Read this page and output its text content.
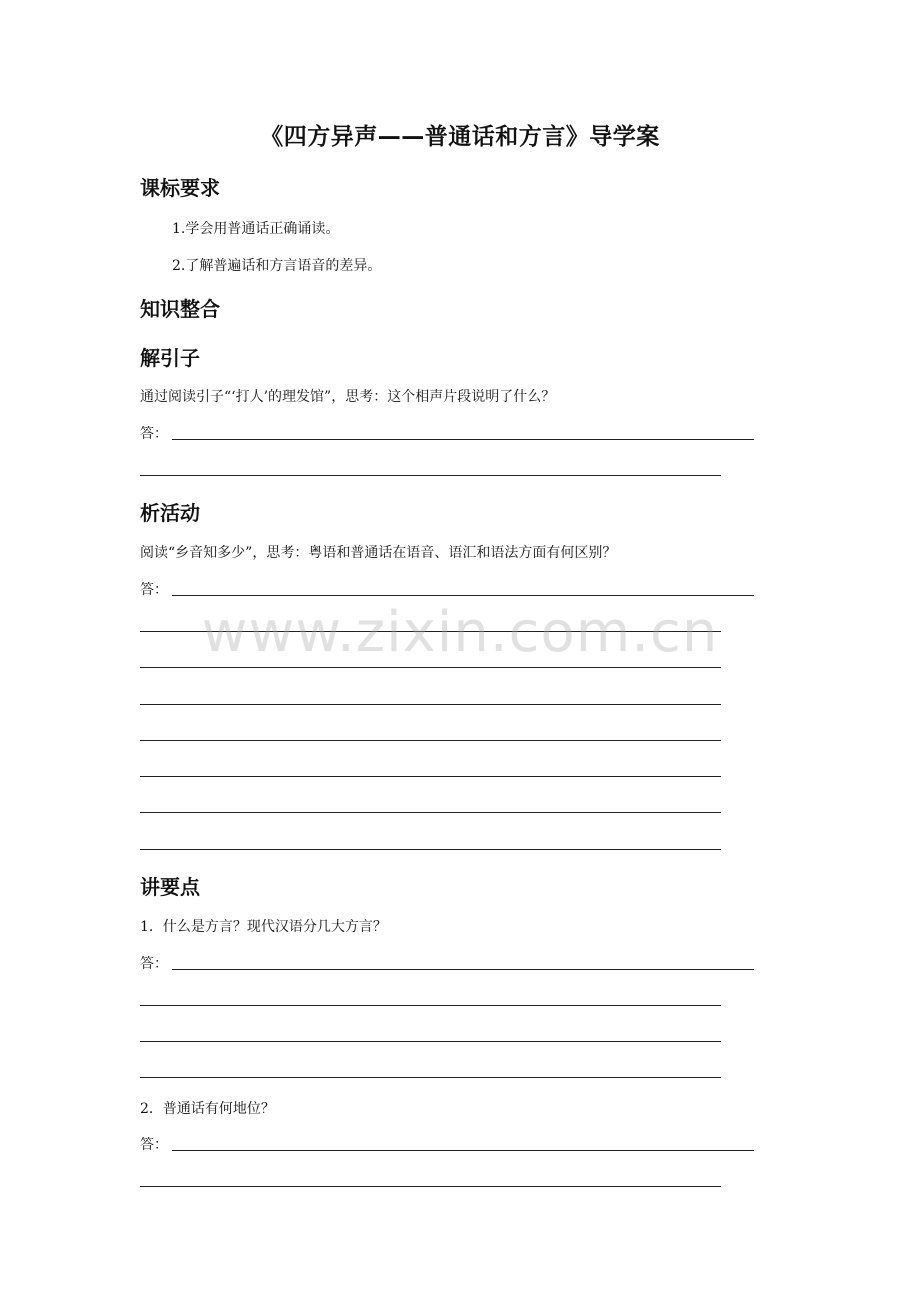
《四方异声——普通话和方言》导学案
课标要求
1.学会用普通话正确诵读。
2.了解普遍话和方言语音的差异。
知识整合
解引子
通过阅读引子“‘打人’的理发馆”，思考：这个相声片段说明了什么？
答：
析活动
阅读“乡音知多少”，思考：粤语和普通话在语音、语汇和语法方面有何区别？
答：
讲要点
1．什么是方言？现代汉语分几大方言？
答：
2．普通话有何地位？
答：
www.zixin.com.cn
